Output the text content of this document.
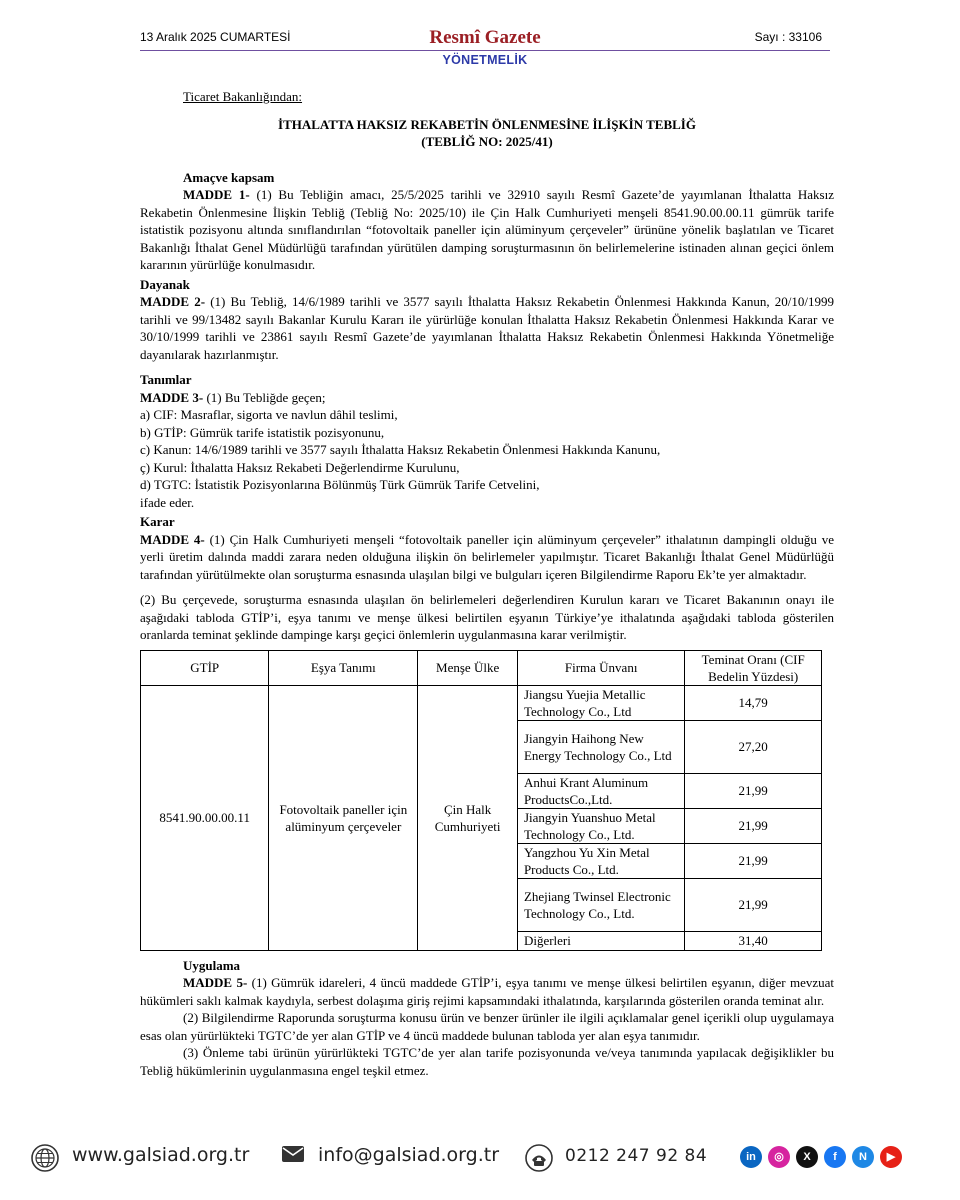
13 Aralık 2025 CUMARTESİ	Resmî Gazete	Sayı : 33106
YÖNETMELİK
Ticaret Bakanlığından:
İTHALATTA HAKSIZ REKABETİN ÖNLENMESİNE İLİŞKİN TEBLİĞ
(TEBLİĞ NO: 2025/41)
Amaçve kapsam
MADDE 1- (1) Bu Tebliğin amacı, 25/5/2025 tarihli ve 32910 sayılı Resmî Gazete’de yayımlanan İthalatta Haksız Rekabetin Önlenmesine İlişkin Tebliğ (Tebliğ No: 2025/10) ile Çin Halk Cumhuriyeti menşeli 8541.90.00.00.11 gümrük tarife istatistik pozisyonu altında sınıflandırılan “fotovoltaik paneller için alüminyum çerçeveler” ürününe yönelik başlatılan ve Ticaret Bakanlığı İthalat Genel Müdürlüğü tarafından yürütülen damping soruşturmasının ön belirlemelerine istinaden alınan geçici önlem kararının yürürlüğe konulmasıdır.
Dayanak
MADDE 2- (1) Bu Tebliğ, 14/6/1989 tarihli ve 3577 sayılı İthalatta Haksız Rekabetin Önlenmesi Hakkında Kanun, 20/10/1999 tarihli ve 99/13482 sayılı Bakanlar Kurulu Kararı ile yürürlüğe konulan İthalatta Haksız Rekabetin Önlenmesi Hakkında Karar ve 30/10/1999 tarihli ve 23861 sayılı Resmî Gazete’de yayımlanan İthalatta Haksız Rekabetin Önlenmesi Hakkında Yönetmeliğe dayanılarak hazırlanmıştır.
Tanımlar
MADDE 3- (1) Bu Tebliğde geçen;
a) CIF: Masraflar, sigorta ve navlun dâhil teslimi,
b) GTİP: Gümrük tarife istatistik pozisyonunu,
c) Kanun: 14/6/1989 tarihli ve 3577 sayılı İthalatta Haksız Rekabetin Önlenmesi Hakkında Kanunu,
ç) Kurul: İthalatta Haksız Rekabeti Değerlendirme Kurulunu,
d) TGTC: İstatistik Pozisyonlarına Bölünmüş Türk Gümrük Tarife Cetvelini,
ifade eder.
Karar
MADDE 4- (1) Çin Halk Cumhuriyeti menşeli “fotovoltaik paneller için alüminyum çerçeveler” ithalatının dampingli olduğu ve yerli üretim dalında maddi zarara neden olduğuna ilişkin ön belirlemeler yapılmıştır. Ticaret Bakanlığı İthalat Genel Müdürlüğü tarafından yürütülmekte olan soruşturma esnasında ulaşılan bilgi ve bulguları içeren Bilgilendirme Raporu Ek’te yer almaktadır.
(2) Bu çerçevede, soruşturma esnasında ulaşılan ön belirlemeleri değerlendiren Kurulun kararı ve Ticaret Bakanının onayı ile aşağıdaki tabloda GTİP’i, eşya tanımı ve menşe ülkesi belirtilen eşyanın Türkiye’ye ithalatında aşağıdaki tabloda gösterilen oranlarda teminat şeklinde dampinge karşı geçici önlemlerin uygulanmasına karar verilmiştir.
GTİP	Eşya Tanımı	Menşe Ülke	Firma Ünvanı	Teminat Oranı (CIF Bedelin Yüzdesi)
8541.90.00.00.11	Fotovoltaik paneller için alüminyum çerçeveler	Çin Halk Cumhuriyeti	Jiangsu Yuejia Metallic Technology Co., Ltd	14,79
			Jiangyin Haihong New Energy Technology Co., Ltd	27,20
			Anhui Krant Aluminum ProductsCo.,Ltd.	21,99
			Jiangyin Yuanshuo Metal Technology Co., Ltd.	21,99
			Yangzhou Yu Xin Metal Products Co., Ltd.	21,99
			Zhejiang Twinsel Electronic Technology Co., Ltd.	21,99
			Diğerleri	31,40
Uygulama
MADDE 5- (1) Gümrük idareleri, 4 üncü maddede GTİP’i, eşya tanımı ve menşe ülkesi belirtilen eşyanın, diğer mevzuat hükümleri saklı kalmak kaydıyla, serbest dolaşıma giriş rejimi kapsamındaki ithalatında, karşılarında gösterilen oranda teminat alır.
(2) Bilgilendirme Raporunda soruşturma konusu ürün ve benzer ürünler ile ilgili açıklamalar genel içerikli olup uygulamaya esas olan yürürlükteki TGTC’de yer alan GTİP ve 4 üncü maddede bulunan tabloda yer alan eşya tanımıdır.
(3) Önleme tabi ürünün yürürlükteki TGTC’de yer alan tarife pozisyonunda ve/veya tanımında yapılacak değişiklikler bu Tebliğ hükümlerinin uygulanmasına engel teşkil etmez.
www.galsiad.org.tr	info@galsiad.org.tr	0212 247 92 84	in	◎	X	f	N	▶
